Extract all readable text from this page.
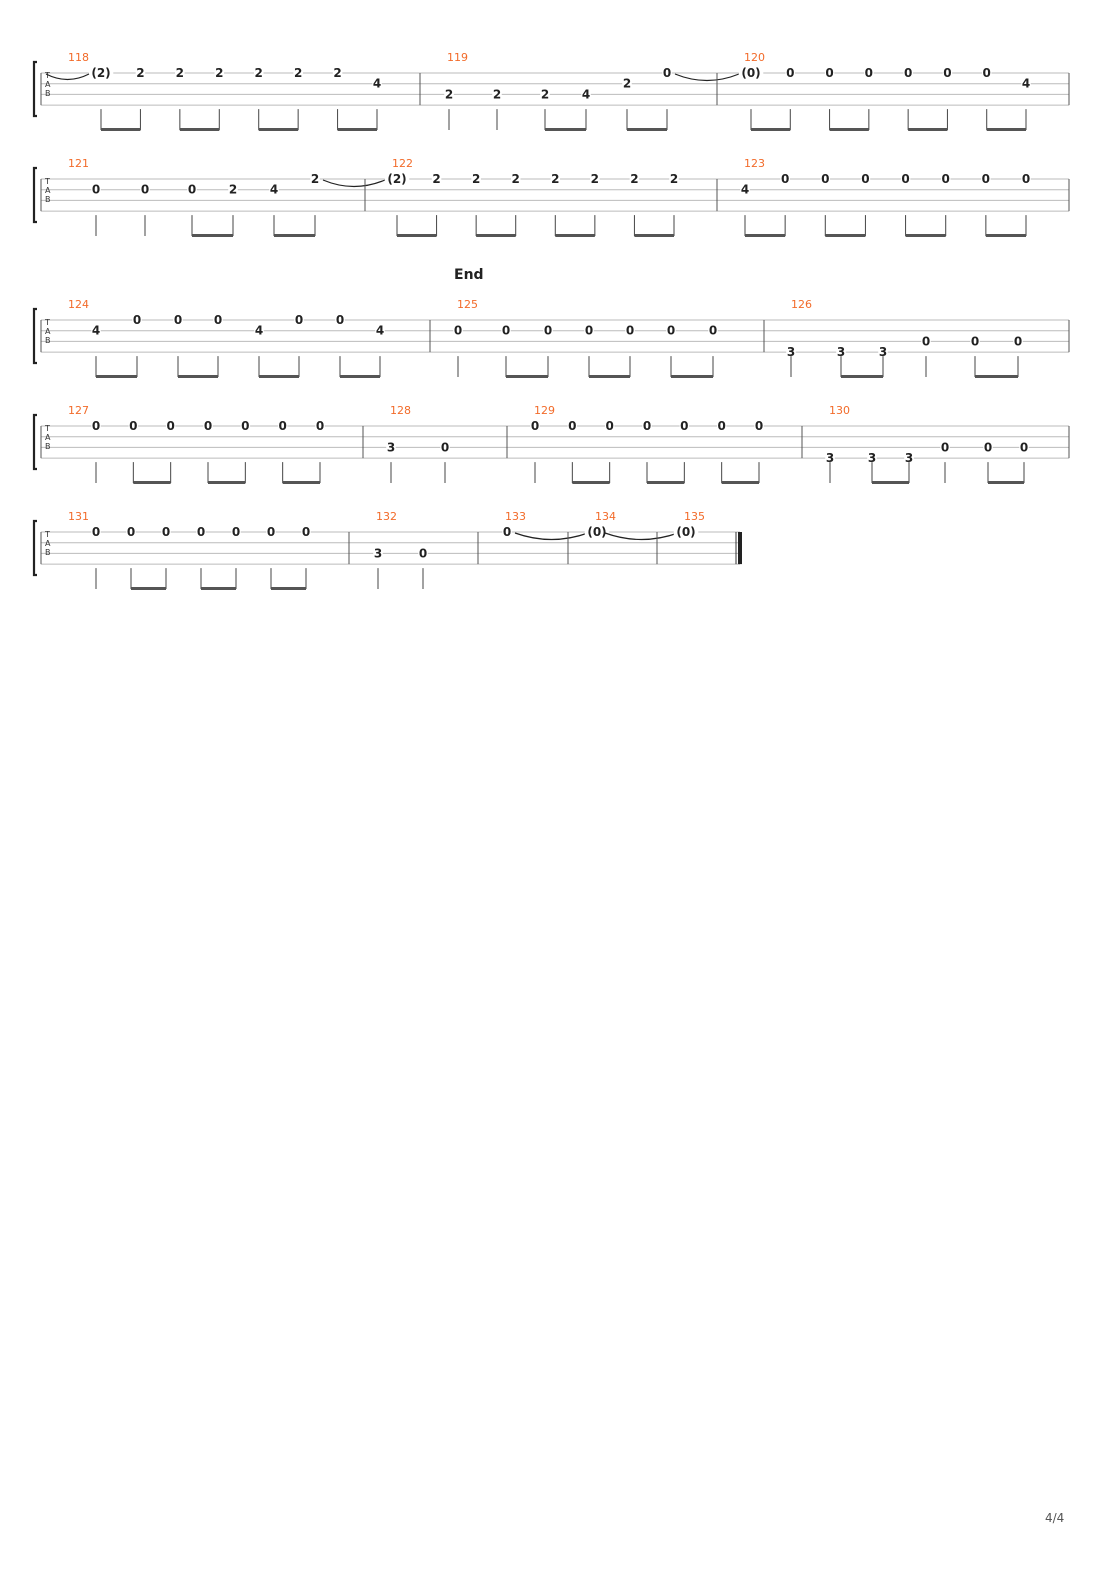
T
A
B
118
(2) 2	2	2	2	2	2
4
119
2	2	2	4
2
0
120
(0) 0	0	0	0	0	0
4
T
A
B
121
0	0	0	2	4
2
122
(2) 2	2	2	2	2	2	2
123
4
0	0	0	0	0	0	0
T
A
B
End
124
4
0	0	0
4
0	0
4
125
0	0	0	0	0	0	0
126
3	3	3
0	0	0
T
A
B
127
0 0 0 0 0 0 0
128
3	0
129
0 0 0 0 0 0 0
130
3	3 3
0	0 0
T
A
B
131
0 0 0 0 0 0 0
132
3	0
133
0
134
(0)
135
(0)
4/4
